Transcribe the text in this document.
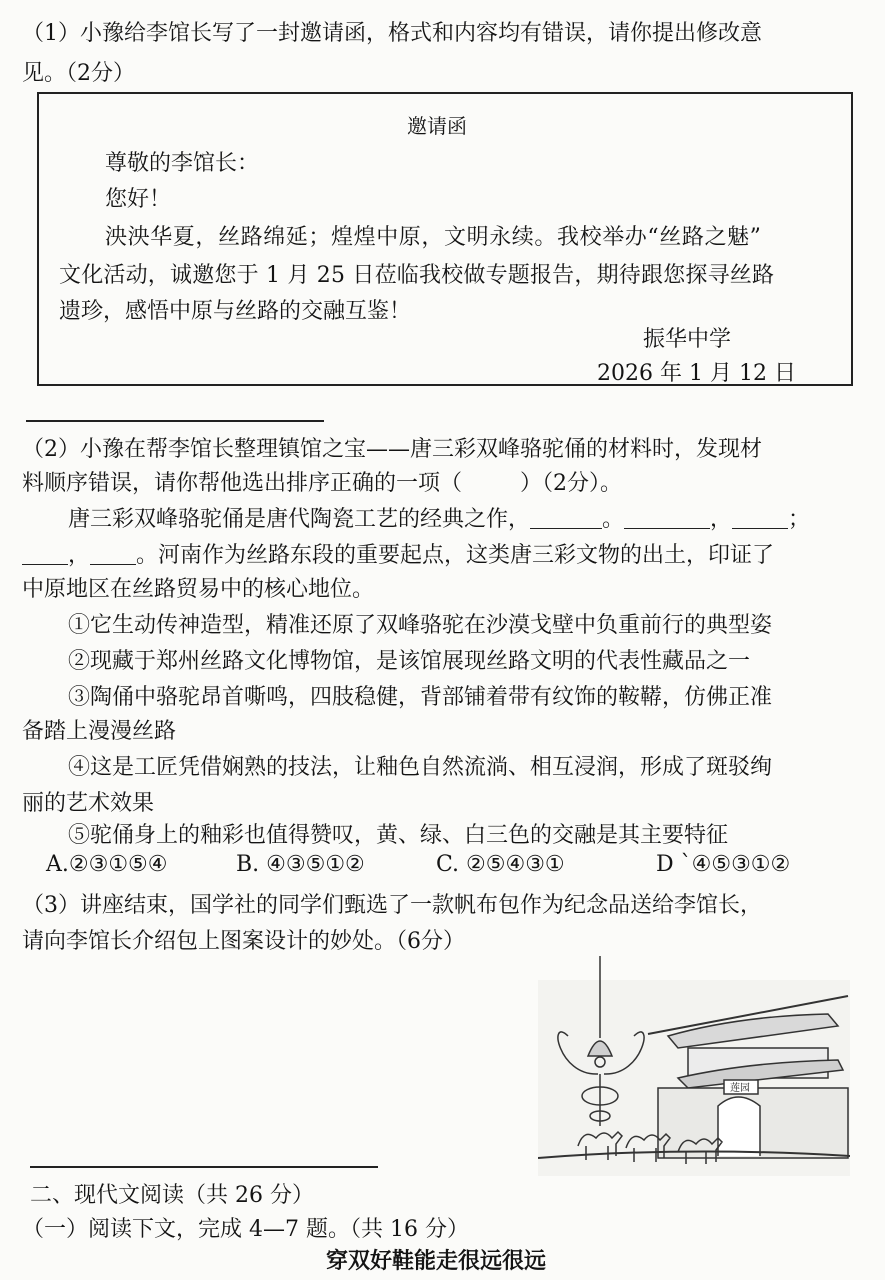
（1）小豫给李馆长写了一封邀请函，格式和内容均有错误，请你提出修改意
见。（2分）
邀请函
尊敬的李馆长：
您好！
泱泱华夏，丝路绵延；煌煌中原，文明永续。我校举办“丝路之魅”
文化活动，诚邀您于 1 月 25 日莅临我校做专题报告，期待跟您探寻丝路
遗珍，感悟中原与丝路的交融互鉴！
振华中学
2026 年 1 月 12 日
（2）小豫在帮李馆长整理镇馆之宝——唐三彩双峰骆驼俑的材料时，发现材
料顺序错误，请你帮他选出排序正确的一项（	）（2分）。
唐三彩双峰骆驼俑是唐代陶瓷工艺的经典之作，	。	，	；
， 。河南作为丝路东段的重要起点，这类唐三彩文物的出土，印证了
中原地区在丝路贸易中的核心地位。
①它生动传神造型，精准还原了双峰骆驼在沙漠戈壁中负重前行的典型姿
②现藏于郑州丝路文化博物馆，是该馆展现丝路文明的代表性藏品之一
③陶俑中骆驼昂首嘶鸣，四肢稳健，背部铺着带有纹饰的鞍鞯，仿佛正准
备踏上漫漫丝路
④这是工匠凭借娴熟的技法，让釉色自然流淌、相互浸润，形成了斑驳绚
丽的艺术效果
⑤驼俑身上的釉彩也值得赞叹，黄、绿、白三色的交融是其主要特征
A.②③①⑤④	B. ④③⑤①②	C. ②⑤④③①	D `④⑤③①②
（3）讲座结束，国学社的同学们甄选了一款帆布包作为纪念品送给李馆长，
请向李馆长介绍包上图案设计的妙处。（6分）
莲园
二、现代文阅读（共 26 分）
（一）阅读下文，完成 4—7 题。（共 16 分）
穿双好鞋能走很远很远
